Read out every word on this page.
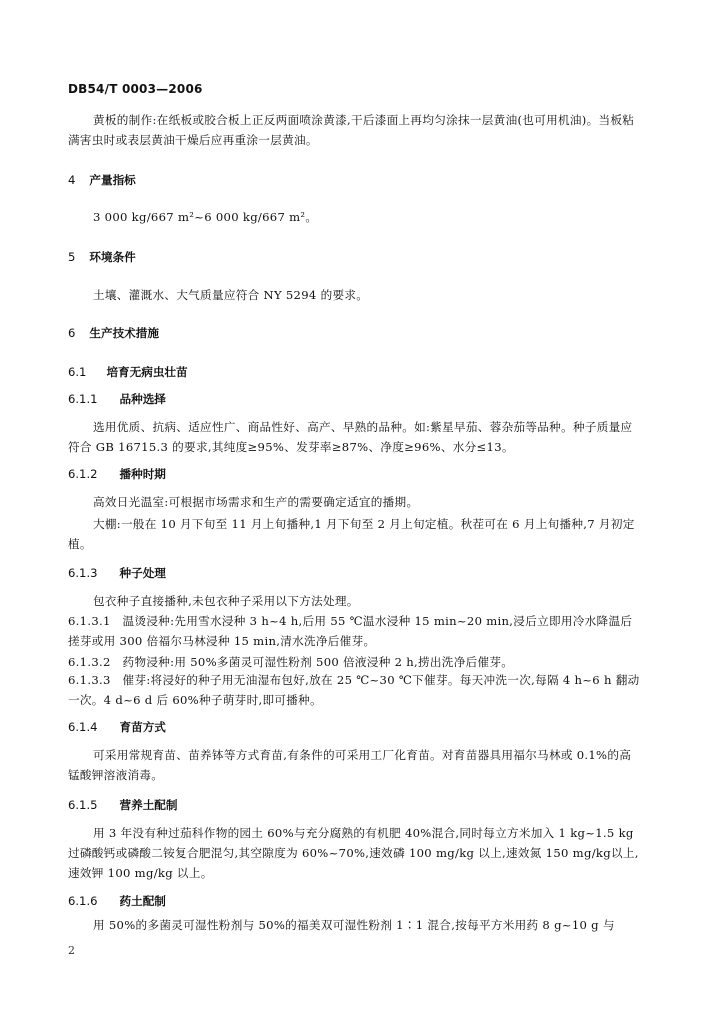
DB54/T 0003—2006

黄板的制作:在纸板或胶合板上正反两面喷涂黄漆,干后漆面上再均匀涂抹一层黄油(也可用机油)。当板粘满害虫时或表层黄油干燥后应再重涂一层黄油。

4 产量指标

3 000 kg/667 m²~6 000 kg/667 m²。

5 环境条件

土壤、灌溉水、大气质量应符合 NY 5294 的要求。

6 生产技术措施
6.1 培育无病虫壮苗
6.1.1 品种选择

选用优质、抗病、适应性广、商品性好、高产、早熟的品种。如:紫星早茄、蓉杂茄等品种。种子质量应符合 GB 16715.3 的要求,其纯度≥95%、发芽率≥87%、净度≥96%、水分≤13。

6.1.2 播种时期

高效日光温室:可根据市场需求和生产的需要确定适宜的播期。

大棚:一般在 10 月下旬至 11 月上旬播种,1 月下旬至 2 月上旬定植。秋茬可在 6 月上旬播种,7 月初定植。

6.1.3 种子处理

包衣种子直接播种,未包衣种子采用以下方法处理。

6.1.3.1　温烫浸种:先用雪水浸种 3 h~4 h,后用 55 ℃温水浸种 15 min~20 min,浸后立即用冷水降温后搓芽或用 300 倍福尔马林浸种 15 min,清水洗净后催芽。

6.1.3.2　药物浸种:用 50%多菌灵可湿性粉剂 500 倍液浸种 2 h,捞出洗净后催芽。

6.1.3.3　催芽:将浸好的种子用无油湿布包好,放在 25 ℃~30 ℃下催芽。每天冲洗一次,每隔 4 h~6 h 翻动一次。4 d~6 d 后 60%种子萌芽时,即可播种。

6.1.4 育苗方式

可采用常规育苗、苗养钵等方式育苗,有条件的可采用工厂化育苗。对育苗器具用福尔马林或 0.1%的高锰酸钾溶液消毒。

6.1.5 营养土配制

用 3 年没有种过茄科作物的园土 60%与充分腐熟的有机肥 40%混合,同时每立方米加入 1 kg~1.5 kg过磷酸钙或磷酸二铵复合肥混匀,其空隙度为 60%~70%,速效磷 100 mg/kg 以上,速效氮 150 mg/kg以上,速效钾 100 mg/kg 以上。

6.1.6 药土配制

用 50%的多菌灵可湿性粉剂与 50%的福美双可湿性粉剂 1∶1 混合,按每平方米用药 8 g~10 g 与

2
